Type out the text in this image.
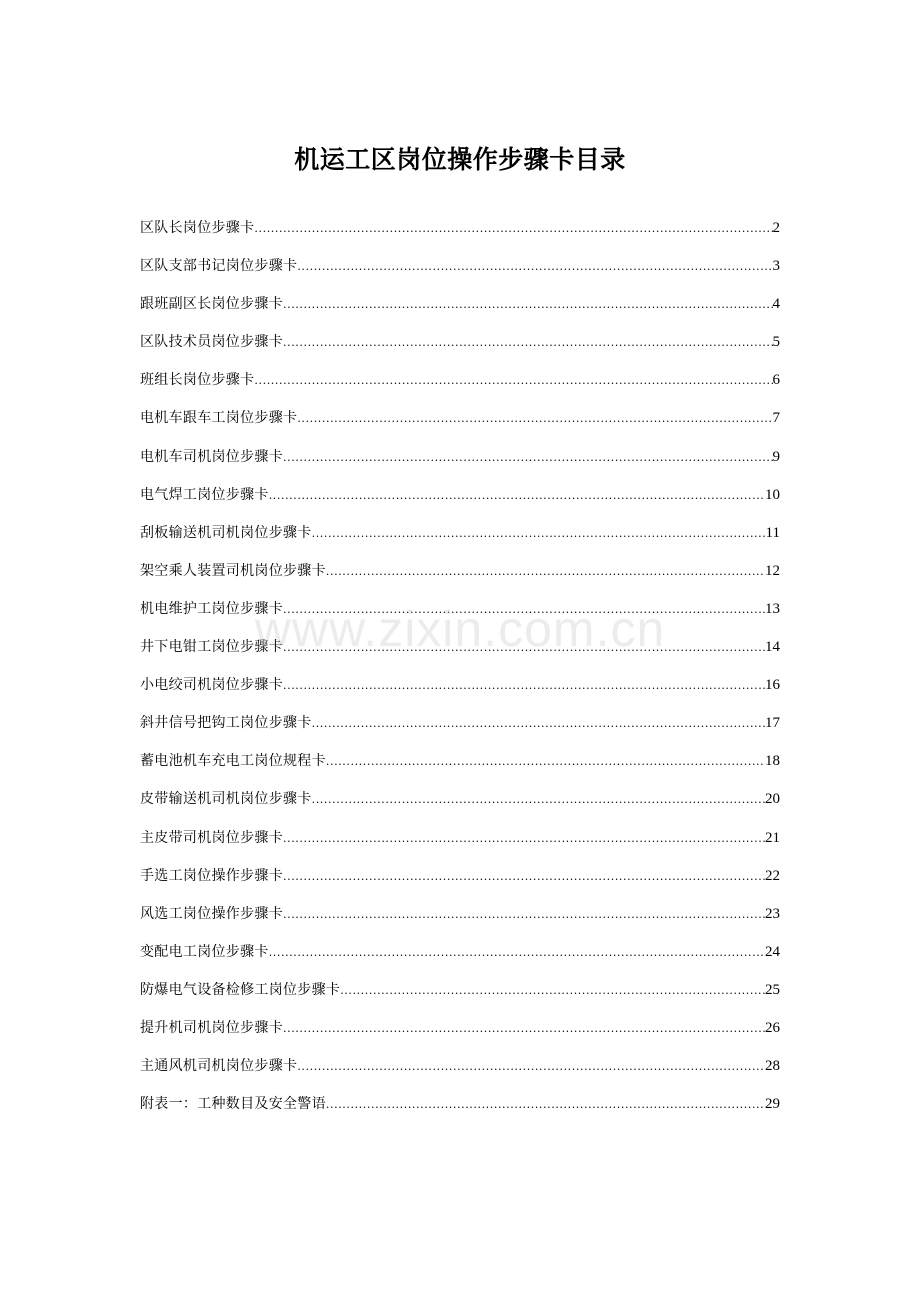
机运工区岗位操作步骤卡目录
区队长岗位步骤卡 .....	2
区队支部书记岗位步骤卡 .....	3
跟班副区长岗位步骤卡 .....	4
区队技术员岗位步骤卡 .....	5
班组长岗位步骤卡 .....	6
电机车跟车工岗位步骤卡 .....	7
电机车司机岗位步骤卡 .....	9
电气焊工岗位步骤卡 .....	10
刮板输送机司机岗位步骤卡 .....	11
架空乘人装置司机岗位步骤卡 .....	12
机电维护工岗位步骤卡 .....	13
井下电钳工岗位步骤卡 .....	14
小电绞司机岗位步骤卡 .....	16
斜井信号把钩工岗位步骤卡 .....	17
蓄电池机车充电工岗位规程卡 .....	18
皮带输送机司机岗位步骤卡 .....	20
主皮带司机岗位步骤卡 .....	21
手选工岗位操作步骤卡 .....	22
风选工岗位操作步骤卡 .....	23
变配电工岗位步骤卡 .....	24
防爆电气设备检修工岗位步骤卡 .....	25
提升机司机岗位步骤卡 .....	26
主通风机司机岗位步骤卡 .....	28
附表一：工种数目及安全警语 .....	29
www.zixin.com.cn
